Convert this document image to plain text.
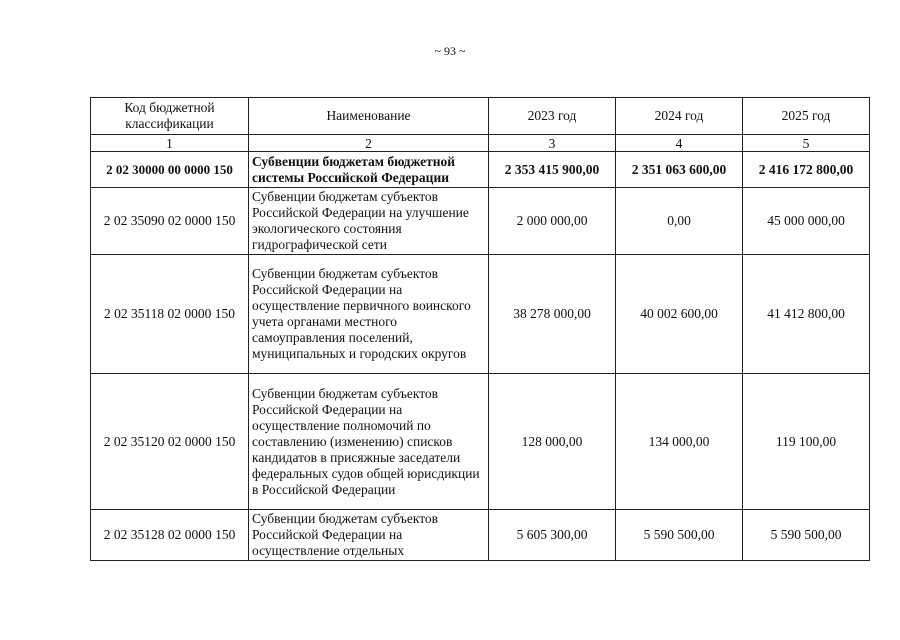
~ 93 ~
Код бюджетной классификации	Наименование	2023 год	2024 год	2025 год
1	2	3	4	5
2 02 30000 00 0000 150	Субвенции бюджетам бюджетной системы Российской Федерации	2 353 415 900,00	2 351 063 600,00	2 416 172 800,00
2 02 35090 02 0000 150	Субвенции бюджетам субъектов Российской Федерации на улучшение экологического состояния гидрографической сети	2 000 000,00	0,00	45 000 000,00
2 02 35118 02 0000 150	Субвенции бюджетам субъектов Российской Федерации на осуществление первичного воинского учета органами местного самоуправления поселений, муниципальных и городских округов	38 278 000,00	40 002 600,00	41 412 800,00
2 02 35120 02 0000 150	Субвенции бюджетам субъектов Российской Федерации на осуществление полномочий по составлению (изменению) списков кандидатов в присяжные заседатели федеральных судов общей юрисдикции в Российской Федерации	128 000,00	134 000,00	119 100,00
2 02 35128 02 0000 150	Субвенции бюджетам субъектов Российской Федерации на осуществление отдельных	5 605 300,00	5 590 500,00	5 590 500,00
